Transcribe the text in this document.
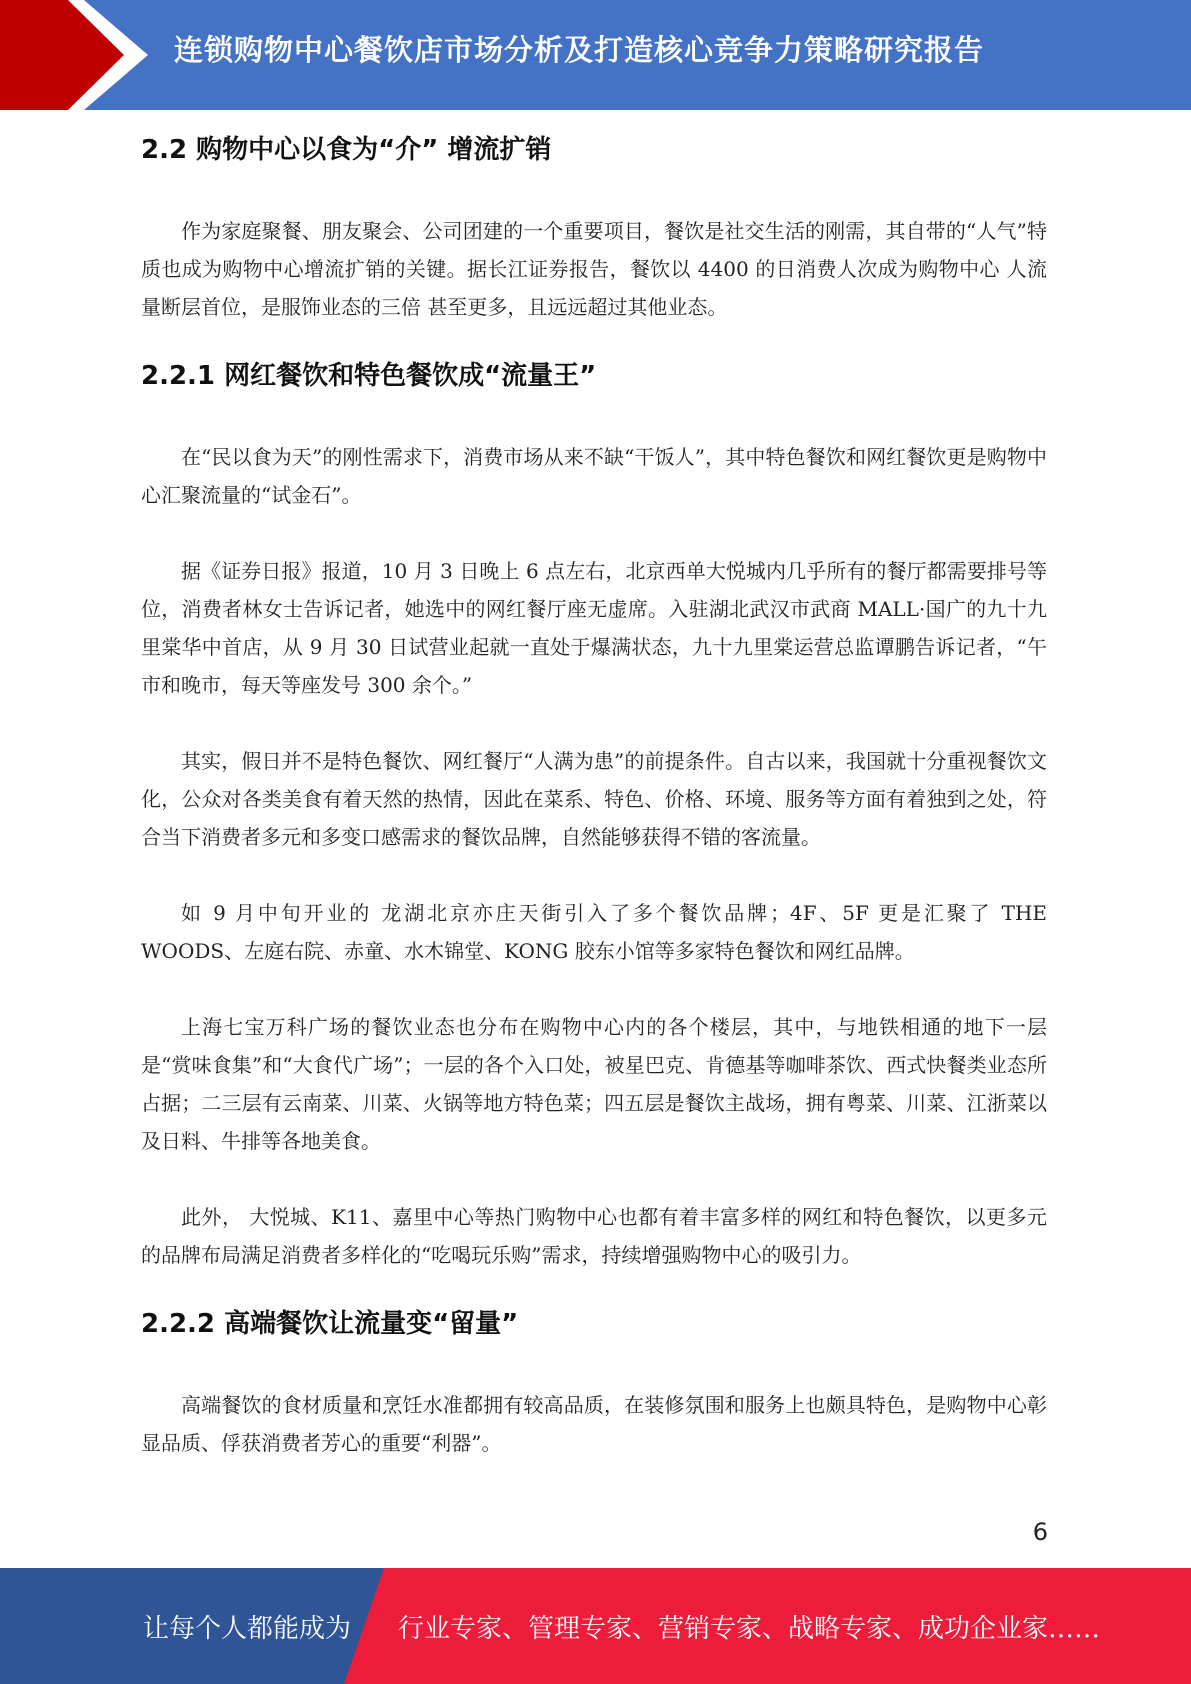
连锁购物中心餐饮店市场分析及打造核心竞争力策略研究报告
2.2 购物中心以食为“介” 增流扩销

作为家庭聚餐、朋友聚会、公司团建的一个重要项目，餐饮是社交生活的刚需，其自带的“人气”特质也成为购物中心增流扩销的关键。据长江证券报告，餐饮以 4400 的日消费人次成为购物中心 人流量断层首位，是服饰业态的三倍 甚至更多，且远远超过其他业态。

2.2.1 网红餐饮和特色餐饮成“流量王”

在“民以食为天”的刚性需求下，消费市场从来不缺“干饭人”，其中特色餐饮和网红餐饮更是购物中心汇聚流量的“试金石”。

据《证券日报》报道，10 月 3 日晚上 6 点左右，北京西单大悦城内几乎所有的餐厅都需要排号等位，消费者林女士告诉记者，她选中的网红餐厅座无虚席。入驻湖北武汉市武商 MALL·国广的九十九里棠华中首店，从 9 月 30 日试营业起就一直处于爆满状态，九十九里棠运营总监谭鹏告诉记者，“午市和晚市，每天等座发号 300 余个。”

其实，假日并不是特色餐饮、网红餐厅“人满为患”的前提条件。自古以来，我国就十分重视餐饮文化，公众对各类美食有着天然的热情，因此在菜系、特色、价格、环境、服务等方面有着独到之处，符合当下消费者多元和多变口感需求的餐饮品牌，自然能够获得不错的客流量。

如 9 月中旬开业的 龙湖北京亦庄天街引入了多个餐饮品牌；4F、5F 更是汇聚了 THE WOODS、左庭右院、赤童、水木锦堂、KONG 胶东小馆等多家特色餐饮和网红品牌。

上海七宝万科广场的餐饮业态也分布在购物中心内的各个楼层，其中，与地铁相通的地下一层是“赏味食集”和“大食代广场”；一层的各个入口处，被星巴克、肯德基等咖啡茶饮、西式快餐类业态所占据；二三层有云南菜、川菜、火锅等地方特色菜；四五层是餐饮主战场，拥有粤菜、川菜、江浙菜以及日料、牛排等各地美食。

此外， 大悦城、K11、嘉里中心等热门购物中心也都有着丰富多样的网红和特色餐饮，以更多元的品牌布局满足消费者多样化的“吃喝玩乐购”需求，持续增强购物中心的吸引力。

2.2.2 高端餐饮让流量变“留量”

高端餐饮的食材质量和烹饪水准都拥有较高品质，在装修氛围和服务上也颇具特色，是购物中心彰显品质、俘获消费者芳心的重要“利器”。

6
让每个人都能成为 行业专家、管理专家、营销专家、战略专家、成功企业家……
